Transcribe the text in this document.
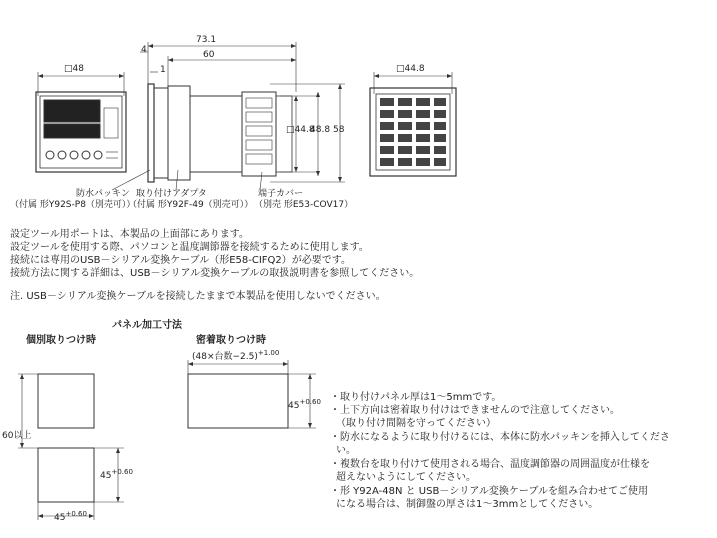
□48
73.1
60
4
1
□44.8
48.8 58
□44.8
防水パッキン
（付属 形Y92S-P8（別売可））
取り付けアダプタ
（付属 形Y92F-49（別売可））
端子カバー
（別売 形E53-COV17）
設定ツール用ポートは、本製品の上面部にあります。
設定ツールを使用する際、パソコンと温度調節器を接続するために使用します。
接続には専用のUSB－シリアル変換ケーブル（形E58-CIFQ2）が必要です。
接続方法に関する詳細は、USB－シリアル変換ケーブルの取扱説明書を参照してください。
注. USB－シリアル変換ケーブルを接続したままで本製品を使用しないでください。
パネル加工寸法
個別取りつけ時	密着取りつけ時
(48×台数−2.5)$^{+1.00}$
$45^{+0.60}$
60以上
$45^{+0.60}$
$45^{+0.60}$
・取り付けパネル厚は1〜5mmです。
・上下方向は密着取り付けはできませんので注意してください。
（取り付け間隔を守ってください）
・防水になるように取り付けるには、本体に防水パッキンを挿入してくださ
い。
・複数台を取り付けて使用される場合、温度調節器の周囲温度が仕様を
超えないようにしてください。
・形 Y92A-48N と USB－シリアル変換ケーブルを組み合わせてご使用
になる場合は、制御盤の厚さは1〜3mmとしてください。
